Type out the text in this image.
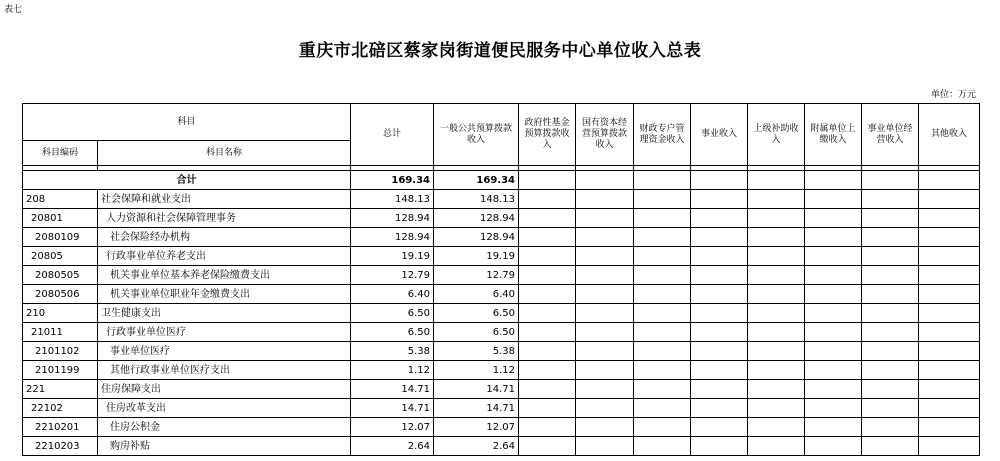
表七
重庆市北碚区蔡家岗街道便民服务中心单位收入总表
单位：万元
科目		总计	一般公共预算拨款收入	政府性基金预算拨款收入	国有资本经营预算拨款收入	财政专户管理资金收入	事业收入	上级补助收入	附属单位上缴收入	事业单位经营收入	其他收入
科目编码	科目名称										

合计		169.34	169.34								
208	社会保障和就业支出	148.13	148.13								
20801	人力资源和社会保障管理事务	128.94	128.94								
2080109	社会保险经办机构	128.94	128.94								
20805	行政事业单位养老支出	19.19	19.19								
2080505	机关事业单位基本养老保险缴费支出	12.79	12.79								
2080506	机关事业单位职业年金缴费支出	6.40	6.40								
210	卫生健康支出	6.50	6.50								
21011	行政事业单位医疗	6.50	6.50								
2101102	事业单位医疗	5.38	5.38								
2101199	其他行政事业单位医疗支出	1.12	1.12								
221	住房保障支出	14.71	14.71								
22102	住房改革支出	14.71	14.71								
2210201	住房公积金	12.07	12.07								
2210203	购房补贴	2.64	2.64								
